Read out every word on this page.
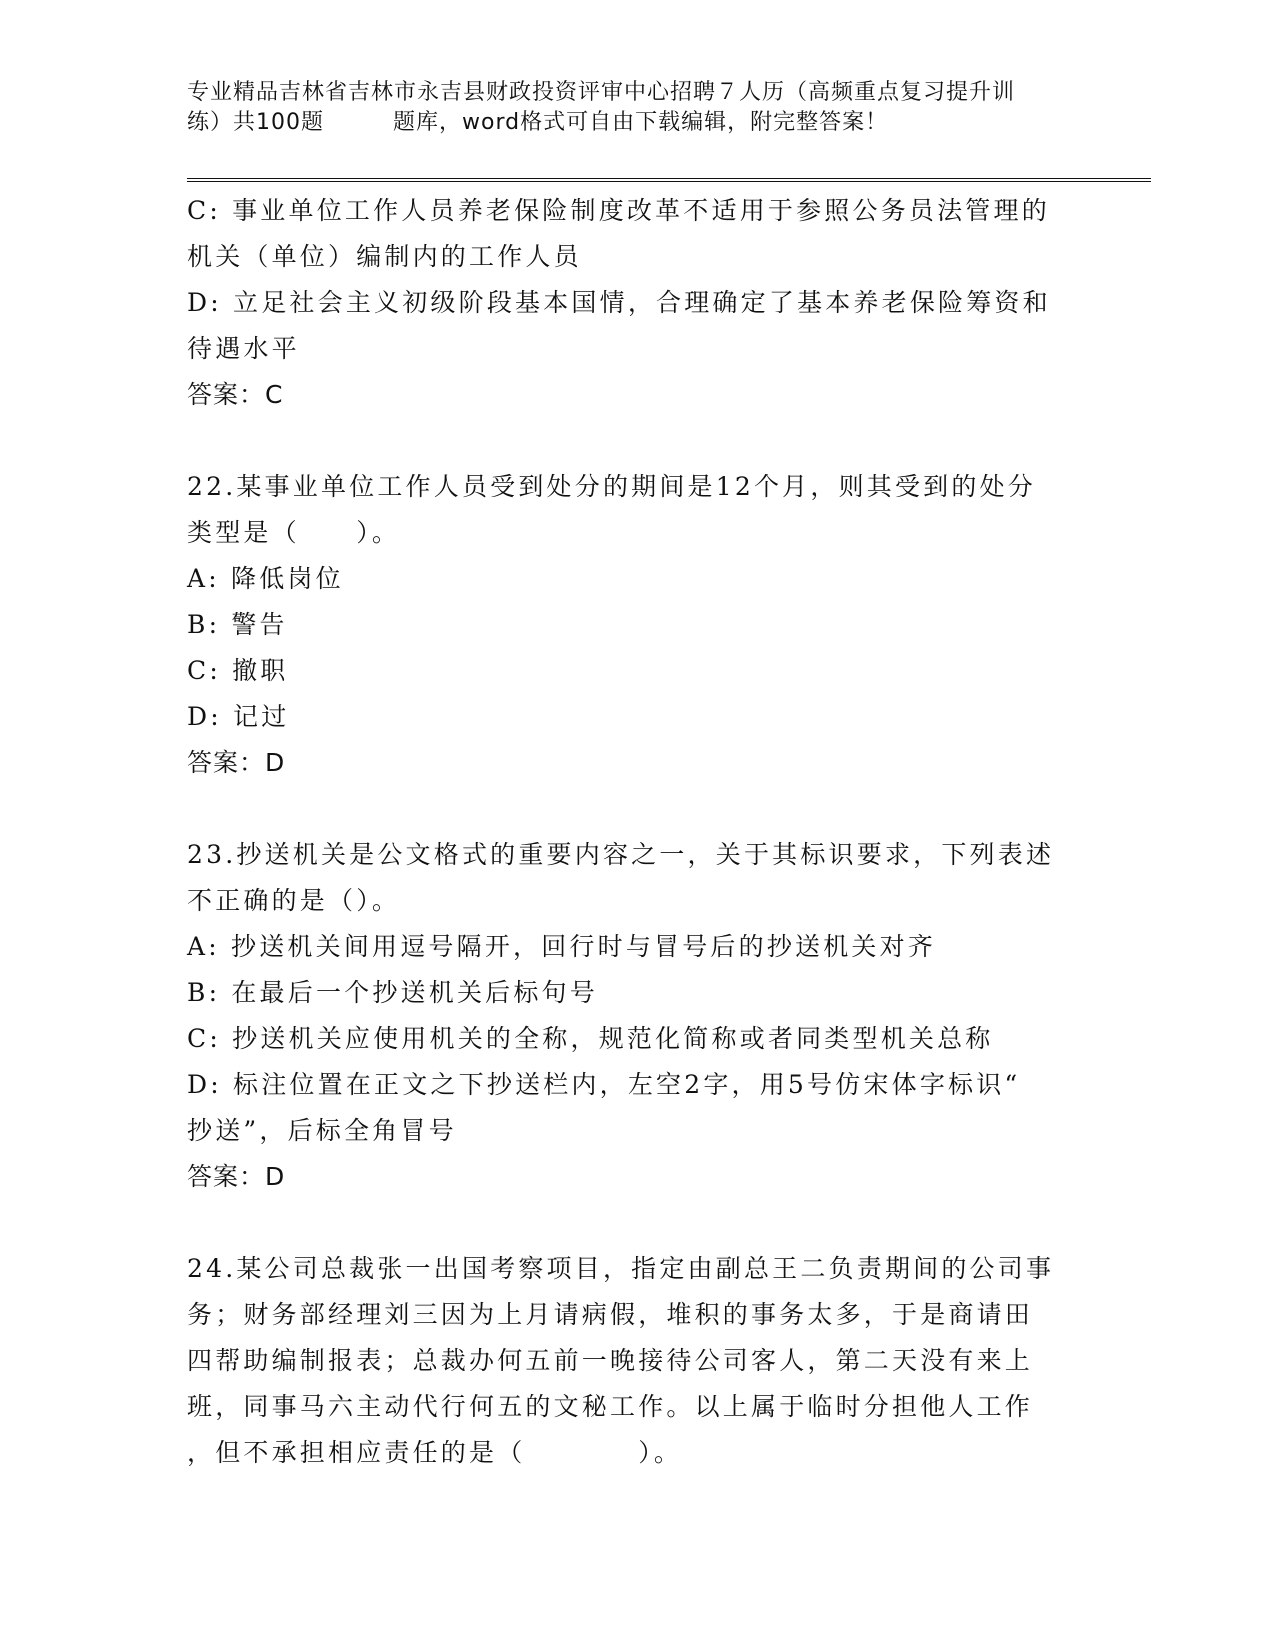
专业精品吉林省吉林市永吉县财政投资评审中心招聘７人历（高频重点复习提升训
练）共100题　　　题库，word格式可自由下载编辑，附完整答案！
C: 事业单位工作人员养老保险制度改革不适用于参照公务员法管理的
机关（单位）编制内的工作人员
D: 立足社会主义初级阶段基本国情，合理确定了基本养老保险筹资和
待遇水平
答案：C
22.某事业单位工作人员受到处分的期间是12个月，则其受到的处分
类型是（　　）。
A: 降低岗位
B: 警告
C: 撤职
D: 记过
答案：D
23.抄送机关是公文格式的重要内容之一，关于其标识要求，下列表述
不正确的是（）。
A: 抄送机关间用逗号隔开，回行时与冒号后的抄送机关对齐
B: 在最后一个抄送机关后标句号
C: 抄送机关应使用机关的全称，规范化简称或者同类型机关总称
D: 标注位置在正文之下抄送栏内，左空2字，用5号仿宋体字标识“
抄送”，后标全角冒号
答案：D
24.某公司总裁张一出国考察项目，指定由副总王二负责期间的公司事
务；财务部经理刘三因为上月请病假，堆积的事务太多，于是商请田
四帮助编制报表；总裁办何五前一晚接待公司客人，第二天没有来上
班，同事马六主动代行何五的文秘工作。以上属于临时分担他人工作
，但不承担相应责任的是（　　　　）。
